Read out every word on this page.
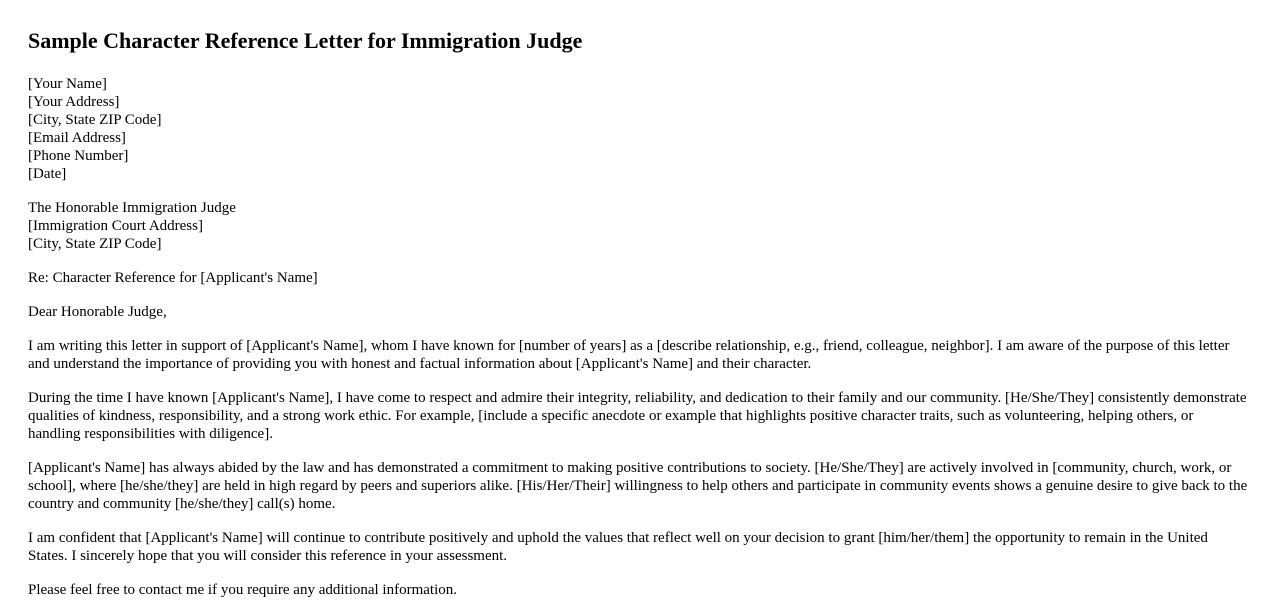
Sample Character Reference Letter for Immigration Judge
[Your Name]
[Your Address]
[City, State ZIP Code]
[Email Address]
[Phone Number]
[Date]
The Honorable Immigration Judge
[Immigration Court Address]
[City, State ZIP Code]
Re: Character Reference for [Applicant's Name]
Dear Honorable Judge,

I am writing this letter in support of [Applicant's Name], whom I have known for [number of years] as a [describe relationship, e.g., friend, colleague, neighbor]. I am aware of the purpose of this letter and understand the importance of providing you with honest and factual information about [Applicant's Name] and their character.

During the time I have known [Applicant's Name], I have come to respect and admire their integrity, reliability, and dedication to their family and our community. [He/She/They] consistently demonstrate qualities of kindness, responsibility, and a strong work ethic. For example, [include a specific anecdote or example that highlights positive character traits, such as volunteering, helping others, or handling responsibilities with diligence].

[Applicant's Name] has always abided by the law and has demonstrated a commitment to making positive contributions to society. [He/She/They] are actively involved in [community, church, work, or school], where [he/she/they] are held in high regard by peers and superiors alike. [His/Her/Their] willingness to help others and participate in community events shows a genuine desire to give back to the country and community [he/she/they] call(s) home.

I am confident that [Applicant's Name] will continue to contribute positively and uphold the values that reflect well on your decision to grant [him/her/them] the opportunity to remain in the United States. I sincerely hope that you will consider this reference in your assessment.

Please feel free to contact me if you require any additional information.
